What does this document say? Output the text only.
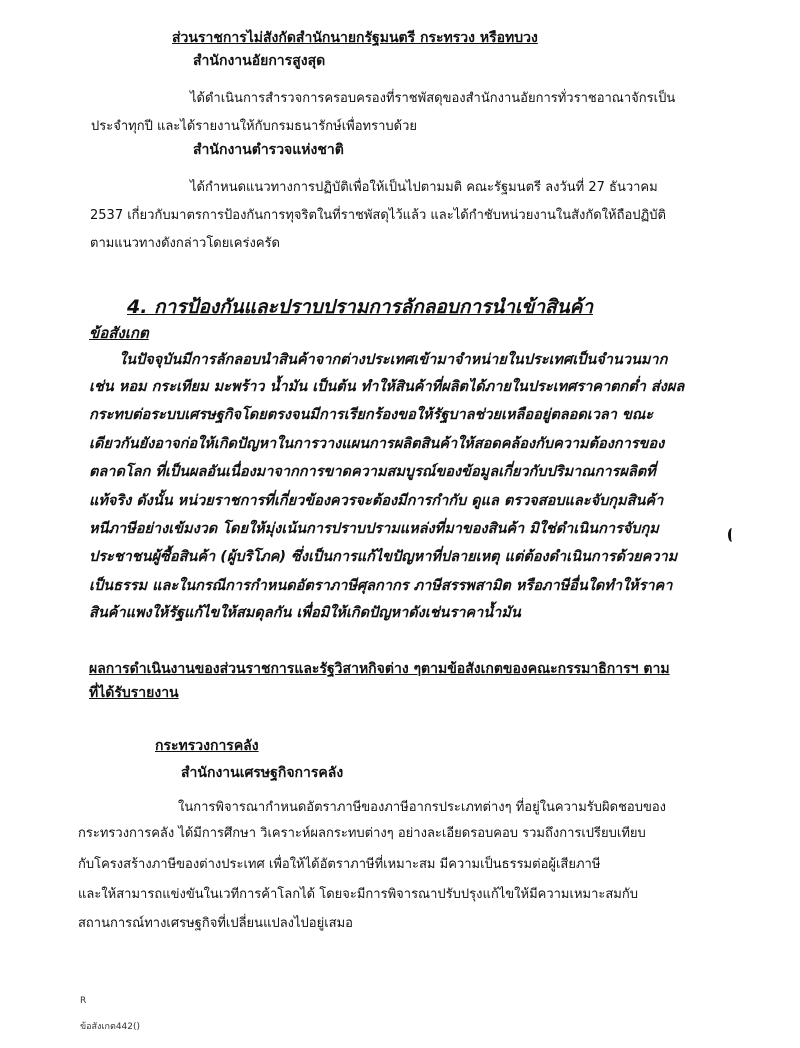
ส่วนราชการไม่สังกัดสำนักนายกรัฐมนตรี กระทรวง หรือทบวง
สำนักงานอัยการสูงสุด
ได้ดำเนินการสำรวจการครอบครองที่ราชพัสดุของสำนักงานอัยการทั่วราชอาณาจักรเป็น
ประจำทุกปี และได้รายงานให้กับกรมธนารักษ์เพื่อทราบด้วย
สำนักงานตำรวจแห่งชาติ
ได้กำหนดแนวทางการปฏิบัติเพื่อให้เป็นไปตามมติ คณะรัฐมนตรี ลงวันที่ 27 ธันวาคม
2537 เกี่ยวกับมาตรการป้องกันการทุจริตในที่ราชพัสดุไว้แล้ว และได้กำชับหน่วยงานในสังกัดให้ถือปฏิบัติ
ตามแนวทางดังกล่าวโดยเคร่งครัด
4. การป้องกันและปราบปรามการลักลอบการนำเข้าสินค้า
ข้อสังเกต
ในปัจจุบันมีการลักลอบนำสินค้าจากต่างประเทศเข้ามาจำหน่ายในประเทศเป็นจำนวนมาก
เช่น หอม กระเทียม มะพร้าว น้ำมัน เป็นต้น ทำให้สินค้าที่ผลิตได้ภายในประเทศราคาตกต่ำ ส่งผล
กระทบต่อระบบเศรษฐกิจโดยตรงจนมีการเรียกร้องขอให้รัฐบาลช่วยเหลืออยู่ตลอดเวลา ขณะ
เดียวกันยังอาจก่อให้เกิดปัญหาในการวางแผนการผลิตสินค้าให้สอดคล้องกับความต้องการของ
ตลาดโลก ที่เป็นผลอันเนื่องมาจากการขาดความสมบูรณ์ของข้อมูลเกี่ยวกับปริมาณการผลิตที่
แท้จริง ดังนั้น หน่วยราชการที่เกี่ยวข้องควรจะต้องมีการกำกับ ดูแล ตรวจสอบและจับกุมสินค้า
หนีภาษีอย่างเข้มงวด โดยให้มุ่งเน้นการปราบปรามแหล่งที่มาของสินค้า มิใช่ดำเนินการจับกุม
ประชาชนผู้ซื้อสินค้า (ผู้บริโภค) ซึ่งเป็นการแก้ไขปัญหาที่ปลายเหตุ แต่ต้องดำเนินการด้วยความ
เป็นธรรม และในกรณีการกำหนดอัตราภาษีศุลกากร ภาษีสรรพสามิต หรือภาษีอื่นใดทำให้ราคา
สินค้าแพงให้รัฐแก้ไขให้สมดุลกัน เพื่อมิให้เกิดปัญหาดังเช่นราคาน้ำมัน
ผลการดำเนินงานของส่วนราชการและรัฐวิสาหกิจต่าง ๆตามข้อสังเกตของคณะกรรมาธิการฯ ตาม
ที่ได้รับรายงาน
กระทรวงการคลัง
สำนักงานเศรษฐกิจการคลัง
ในการพิจารณากำหนดอัตราภาษีของภาษีอากรประเภทต่างๆ ที่อยู่ในความรับผิดชอบของ
กระทรวงการคลัง ได้มีการศึกษา วิเคราะห์ผลกระทบต่างๆ อย่างละเอียดรอบคอบ รวมถึงการเปรียบเทียบ
กับโครงสร้างภาษีของต่างประเทศ เพื่อให้ได้อัตราภาษีที่เหมาะสม มีความเป็นธรรมต่อผู้เสียภาษี
และให้สามารถแข่งขันในเวทีการค้าโลกได้ โดยจะมีการพิจารณาปรับปรุงแก้ไขให้มีความเหมาะสมกับ
สถานการณ์ทางเศรษฐกิจที่เปลี่ยนแปลงไปอยู่เสมอ
R
ข้อสังเกต442()
